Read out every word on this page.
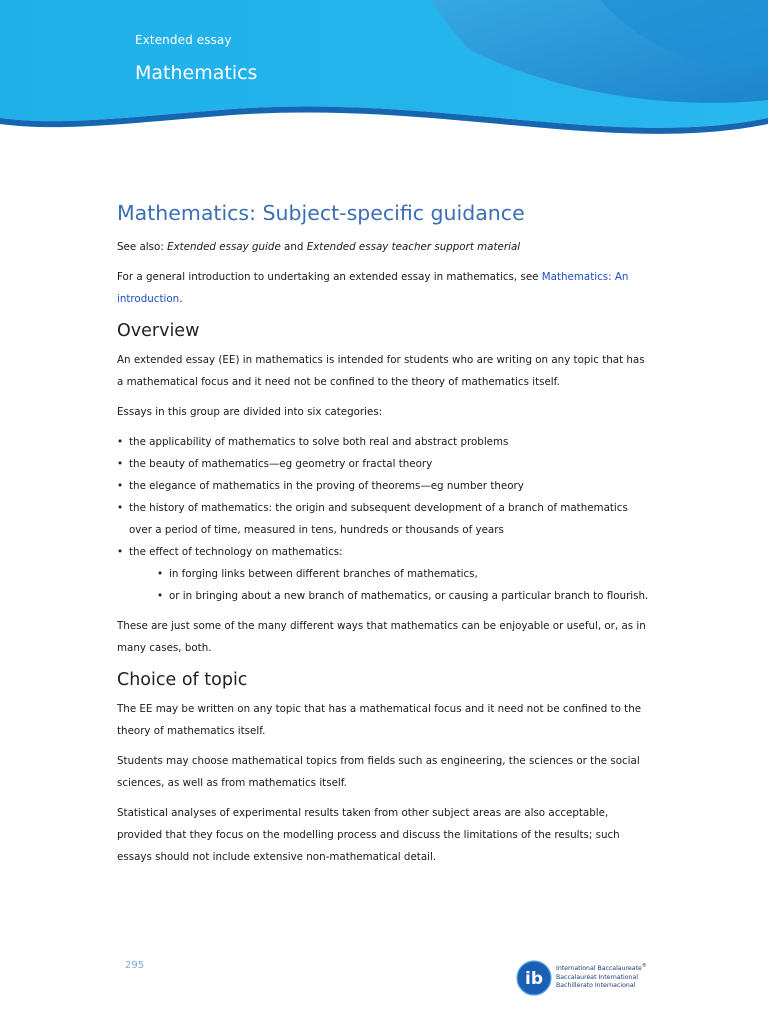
Extended essay
Mathematics
Mathematics: Subject-specific guidance

See also: Extended essay guide and Extended essay teacher support material

For a general introduction to undertaking an extended essay in mathematics, see Mathematics: An introduction.

Overview

An extended essay (EE) in mathematics is intended for students who are writing on any topic that has a mathematical focus and it need not be confined to the theory of mathematics itself.

Essays in this group are divided into six categories:

• the applicability of mathematics to solve both real and abstract problems
• the beauty of mathematics—eg geometry or fractal theory
• the elegance of mathematics in the proving of theorems—eg number theory
• the history of mathematics: the origin and subsequent development of a branch of mathematics over a period of time, measured in tens, hundreds or thousands of years
• the effect of technology on mathematics:
• in forging links between different branches of mathematics,
• or in bringing about a new branch of mathematics, or causing a particular branch to flourish.

These are just some of the many different ways that mathematics can be enjoyable or useful, or, as in many cases, both.

Choice of topic

The EE may be written on any topic that has a mathematical focus and it need not be confined to the theory of mathematics itself.

Students may choose mathematical topics from fields such as engineering, the sciences or the social sciences, as well as from mathematics itself.

Statistical analyses of experimental results taken from other subject areas are also acceptable, provided that they focus on the modelling process and discuss the limitations of the results; such essays should not include extensive non-mathematical detail.

295
ib
International Baccalaureate®
Baccalauréat International
Bachillerato Internacional
